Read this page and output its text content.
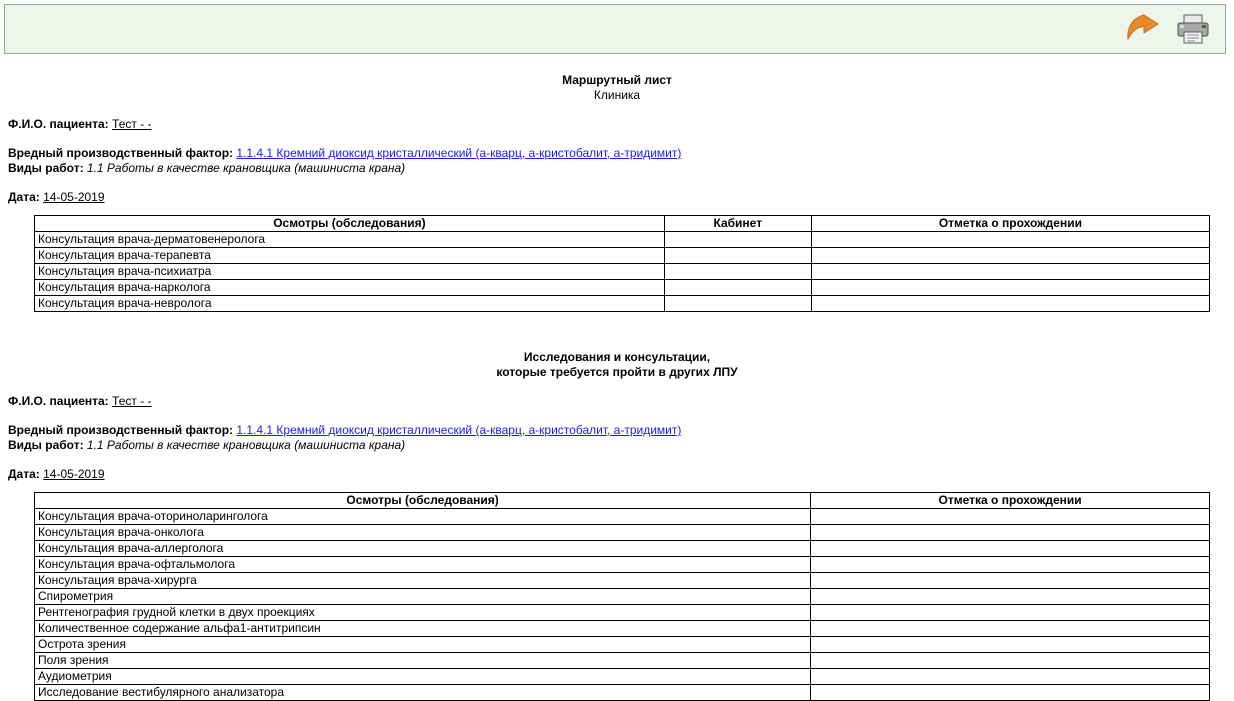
Маршрутный лист
Клиника
Ф.И.О. пациента: Тест - -
Вредный производственный фактор: 1.1.4.1 Кремний диоксид кристаллический (a-кварц, a-кристобалит, a-тридимит)
Виды работ: 1.1 Работы в качестве крановщика (машиниста крана)
Дата: 14-05-2019
Осмотры (обследования)	Кабинет	Отметка о прохождении
Консультация врача-дерматовенеролога		
Консультация врача-терапевта		
Консультация врача-психиатра		
Консультация врача-нарколога		
Консультация врача-невролога		
Исследования и консультации,
которые требуется пройти в других ЛПУ
Ф.И.О. пациента: Тест - -
Вредный производственный фактор: 1.1.4.1 Кремний диоксид кристаллический (a-кварц, a-кристобалит, a-тридимит)
Виды работ: 1.1 Работы в качестве крановщика (машиниста крана)
Дата: 14-05-2019
Осмотры (обследования)	Отметка о прохождении
Консультация врача-оториноларинголога	
Консультация врача-онколога	
Консультация врача-аллерголога	
Консультация врача-офтальмолога	
Консультация врача-хирурга	
Спирометрия	
Рентгенография грудной клетки в двух проекциях	
Количественное содержание альфа1-антитрипсин	
Острота зрения	
Поля зрения	
Аудиометрия	
Исследование вестибулярного анализатора	
